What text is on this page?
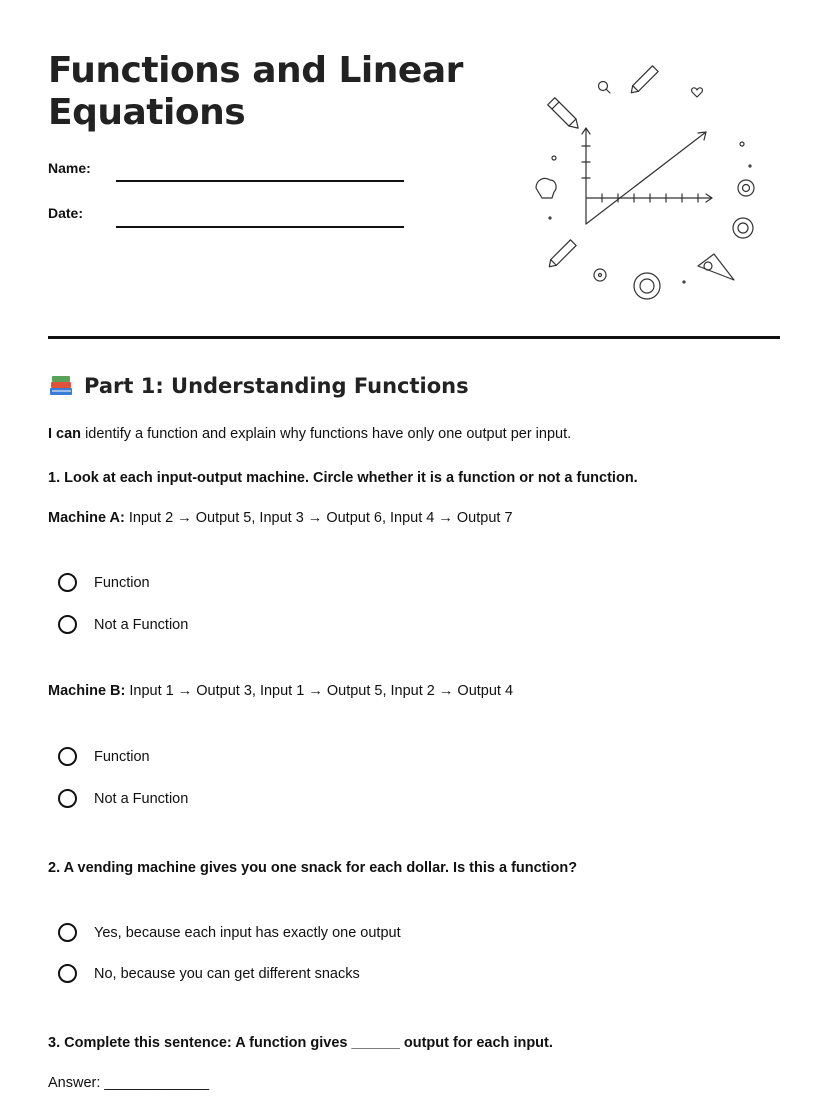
Functions and Linear Equations
Name:
Date:
Part 1: Understanding Functions
I can identify a function and explain why functions have only one output per input.
1. Look at each input-output machine. Circle whether it is a function or not a function.
Machine A: Input 2 → Output 5, Input 3 → Output 6, Input 4 → Output 7
Function
Not a Function
Machine B: Input 1 → Output 3, Input 1 → Output 5, Input 2 → Output 4
Function
Not a Function
2. A vending machine gives you one snack for each dollar. Is this a function?
Yes, because each input has exactly one output
No, because you can get different snacks
3. Complete this sentence: A function gives ______ output for each input.
Answer: _____________
